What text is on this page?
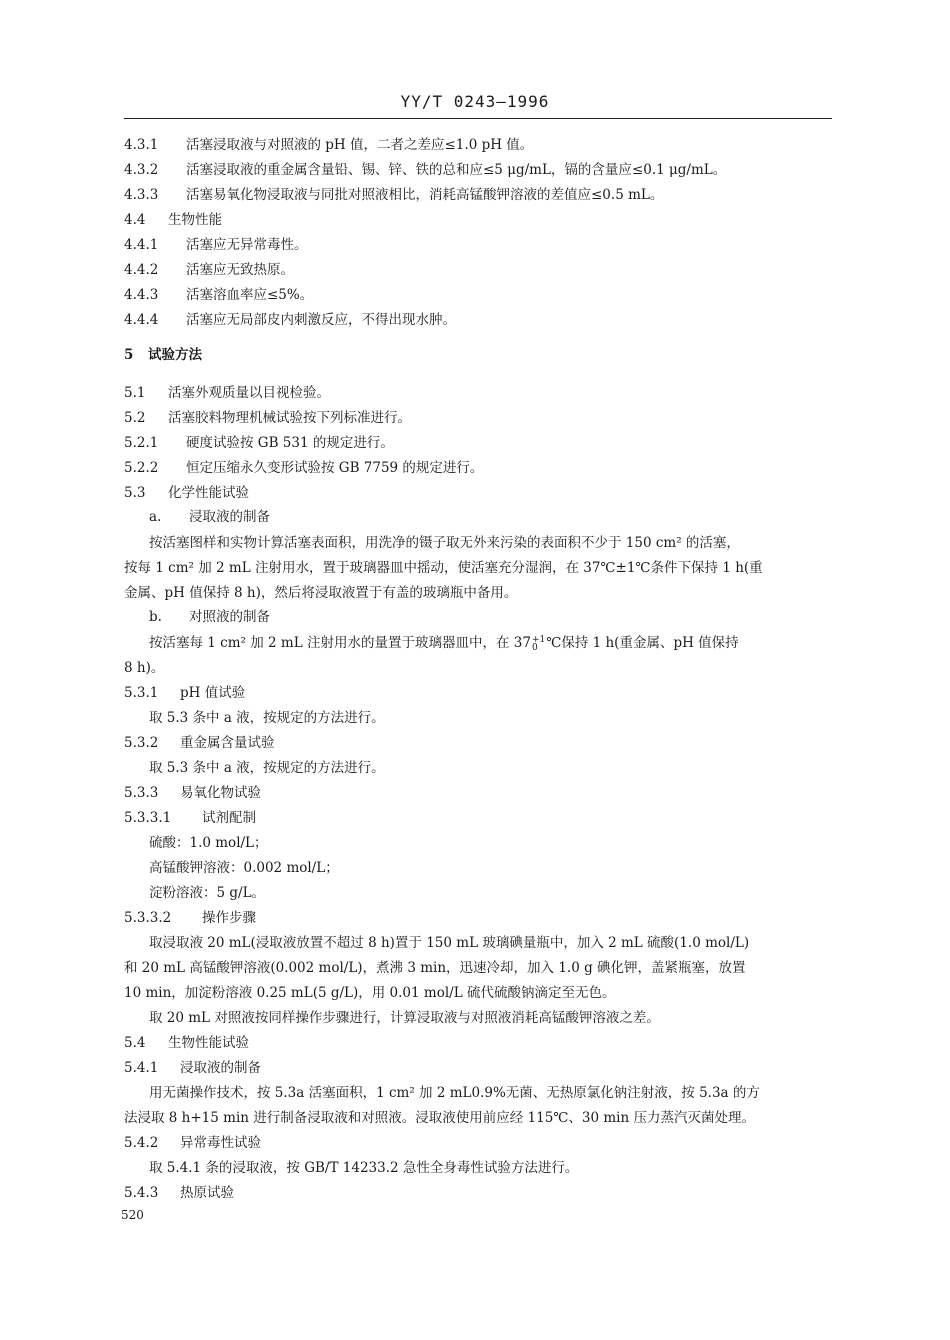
YY/T 0243—1996
4.3.1 活塞浸取液与对照液的 pH 值，二者之差应≤1.0 pH 值。
4.3.2 活塞浸取液的重金属含量铅、锡、锌、铁的总和应≤5 μg/mL，镉的含量应≤0.1 μg/mL。
4.3.3 活塞易氧化物浸取液与同批对照液相比，消耗高锰酸钾溶液的差值应≤0.5 mL。
4.4 生物性能
4.4.1 活塞应无异常毒性。
4.4.2 活塞应无致热原。
4.4.3 活塞溶血率应≤5%。
4.4.4 活塞应无局部皮内刺激反应，不得出现水肿。
5 试验方法
5.1 活塞外观质量以目视检验。
5.2 活塞胶料物理机械试验按下列标准进行。
5.2.1 硬度试验按 GB 531 的规定进行。
5.2.2 恒定压缩永久变形试验按 GB 7759 的规定进行。
5.3 化学性能试验
a. 浸取液的制备
按活塞图样和实物计算活塞表面积，用洗净的镊子取无外来污染的表面积不少于 150 cm² 的活塞，
按每 1 cm² 加 2 mL 注射用水，置于玻璃器皿中摇动，使活塞充分湿润，在 37℃±1℃条件下保持 1 h(重
金属、pH 值保持 8 h)，然后将浸取液置于有盖的玻璃瓶中备用。
b. 对照液的制备
按活塞每 1 cm² 加 2 mL 注射用水的量置于玻璃器皿中，在 37 +1
0 ℃保持 1 h(重金属、pH 值保持
8 h)。
5.3.1 pH 值试验
取 5.3 条中 a 液，按规定的方法进行。
5.3.2 重金属含量试验
取 5.3 条中 a 液，按规定的方法进行。
5.3.3 易氧化物试验
5.3.3.1 试剂配制
硫酸：1.0 mol/L；
高锰酸钾溶液：0.002 mol/L；
淀粉溶液：5 g/L。
5.3.3.2 操作步骤
取浸取液 20 mL(浸取液放置不超过 8 h)置于 150 mL 玻璃碘量瓶中，加入 2 mL 硫酸(1.0 mol/L)
和 20 mL 高锰酸钾溶液(0.002 mol/L)，煮沸 3 min，迅速冷却，加入 1.0 g 碘化钾，盖紧瓶塞，放置
10 min，加淀粉溶液 0.25 mL(5 g/L)，用 0.01 mol/L 硫代硫酸钠滴定至无色。
取 20 mL 对照液按同样操作步骤进行，计算浸取液与对照液消耗高锰酸钾溶液之差。
5.4 生物性能试验
5.4.1 浸取液的制备
用无菌操作技术，按 5.3a 活塞面积，1 cm² 加 2 mL0.9%无菌、无热原氯化钠注射液，按 5.3a 的方
法浸取 8 h+15 min 进行制备浸取液和对照液。浸取液使用前应经 115℃、30 min 压力蒸汽灭菌处理。
5.4.2 异常毒性试验
取 5.4.1 条的浸取液，按 GB/T 14233.2 急性全身毒性试验方法进行。
5.4.3 热原试验
520
